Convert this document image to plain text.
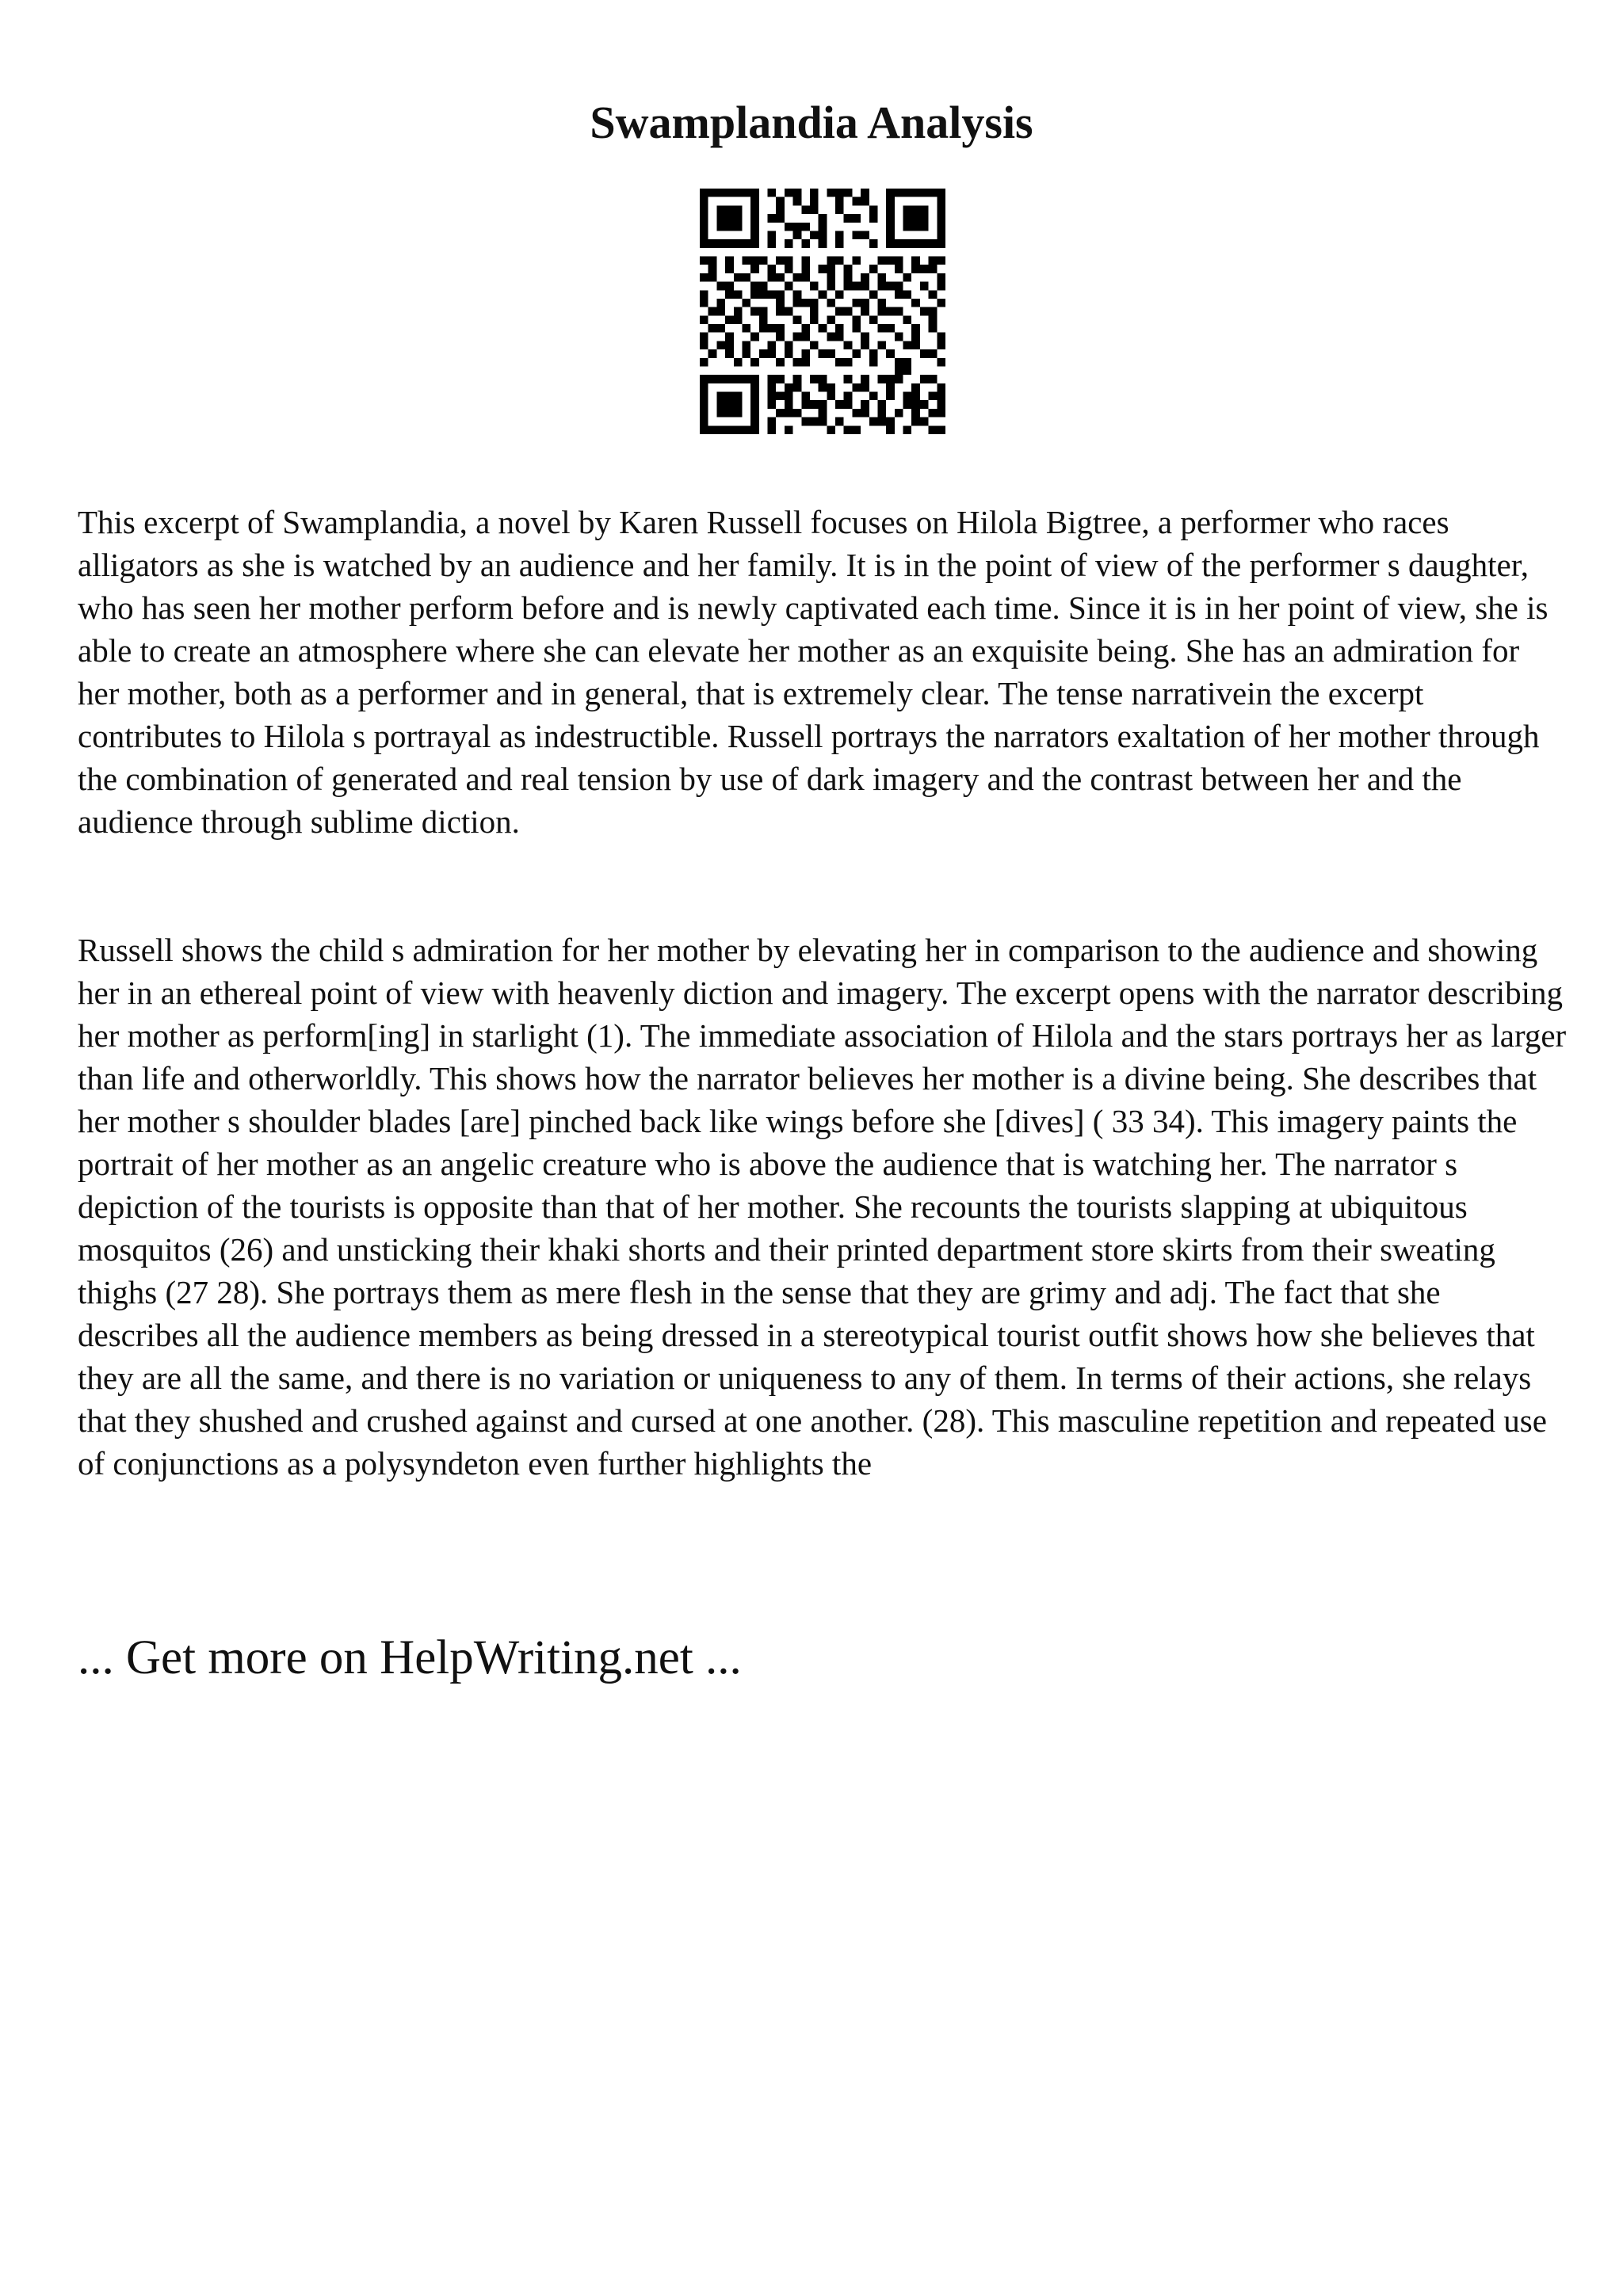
Swamplandia Analysis

This excerpt of Swamplandia, a novel by Karen Russell focuses on Hilola Bigtree, a performer who races alligators as she is watched by an audience and her family. It is in the point of view of the performer s daughter, who has seen her mother perform before and is newly captivated each time. Since it is in her point of view, she is able to create an atmosphere where she can elevate her mother as an exquisite being. She has an admiration for her mother, both as a performer and in general, that is extremely clear. The tense narrativein the excerpt contributes to Hilola s portrayal as indestructible. Russell portrays the narrators exaltation of her mother through the combination of generated and real tension by use of dark imagery and the contrast between her and the audience through sublime diction.

Russell shows the child s admiration for her mother by elevating her in comparison to the audience and showing her in an ethereal point of view with heavenly diction and imagery. The excerpt opens with the narrator describing her mother as perform[ing] in starlight (1). The immediate association of Hilola and the stars portrays her as larger than life and otherworldly. This shows how the narrator believes her mother is a divine being. She describes that her mother s shoulder blades [are] pinched back like wings before she [dives] ( 33 34). This imagery paints the portrait of her mother as an angelic creature who is above the audience that is watching her. The narrator s depiction of the tourists is opposite than that of her mother. She recounts the tourists slapping at ubiquitous mosquitos (26) and unsticking their khaki shorts and their printed department store skirts from their sweating thighs (27 28). She portrays them as mere flesh in the sense that they are grimy and adj. The fact that she describes all the audience members as being dressed in a stereotypical tourist outfit shows how she believes that they are all the same, and there is no variation or uniqueness to any of them. In terms of their actions, she relays that they shushed and crushed against and cursed at one another. (28). This masculine repetition and repeated use of conjunctions as a polysyndeton even further highlights the

... Get more on HelpWriting.net ...
